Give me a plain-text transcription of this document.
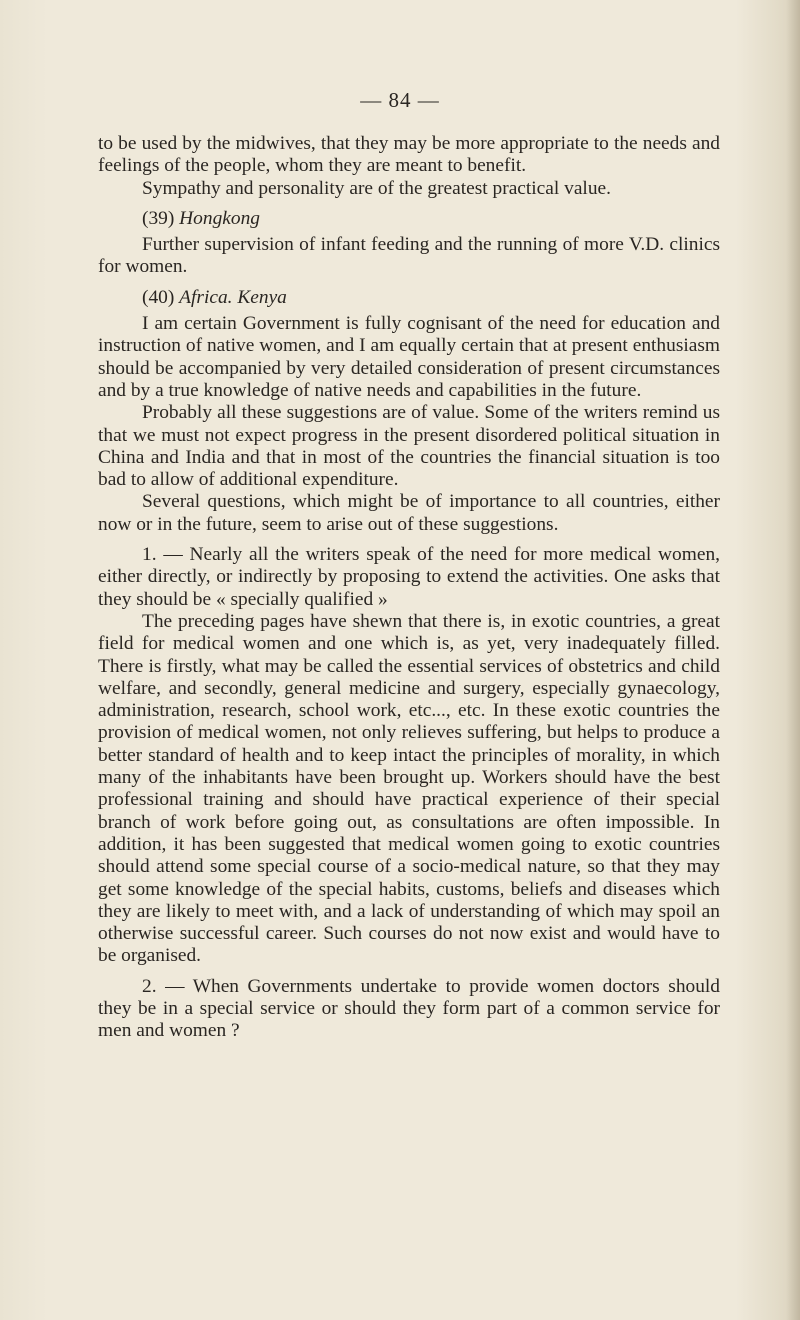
— 84 —

to be used by the midwives, that they may be more appropriate to the needs and feelings of the people, whom they are meant to benefit.

Sympathy and personality are of the greatest practical value.

(39) Hongkong

Further supervision of infant feeding and the running of more V.D. clinics for women.

(40) Africa. Kenya

I am certain Government is fully cognisant of the need for education and instruction of native women, and I am equally certain that at present enthusiasm should be accompanied by very detailed consideration of present circumstances and by a true knowledge of native needs and capabilities in the future.

Probably all these suggestions are of value. Some of the writers remind us that we must not expect progress in the present disordered political situation in China and India and that in most of the countries the financial situation is too bad to allow of additional expenditure.

Several questions, which might be of importance to all countries, either now or in the future, seem to arise out of these suggestions.

1. — Nearly all the writers speak of the need for more medical women, either directly, or indirectly by proposing to extend the activities. One asks that they should be « specially qualified »

The preceding pages have shewn that there is, in exotic countries, a great field for medical women and one which is, as yet, very inadequately filled. There is firstly, what may be called the essential services of obstetrics and child welfare, and secondly, general medicine and surgery, especially gynaecology, administration, research, school work, etc..., etc. In these exotic countries the provision of medical women, not only relieves suffering, but helps to produce a better standard of health and to keep intact the principles of morality, in which many of the inhabitants have been brought up. Workers should have the best professional training and should have practical experience of their special branch of work before going out, as consultations are often impossible. In addition, it has been suggested that medical women going to exotic countries should attend some special course of a socio-medical nature, so that they may get some knowledge of the special habits, customs, beliefs and diseases which they are likely to meet with, and a lack of understanding of which may spoil an otherwise successful career. Such courses do not now exist and would have to be organised.

2. — When Governments undertake to provide women doctors should they be in a special service or should they form part of a common service for men and women ?
